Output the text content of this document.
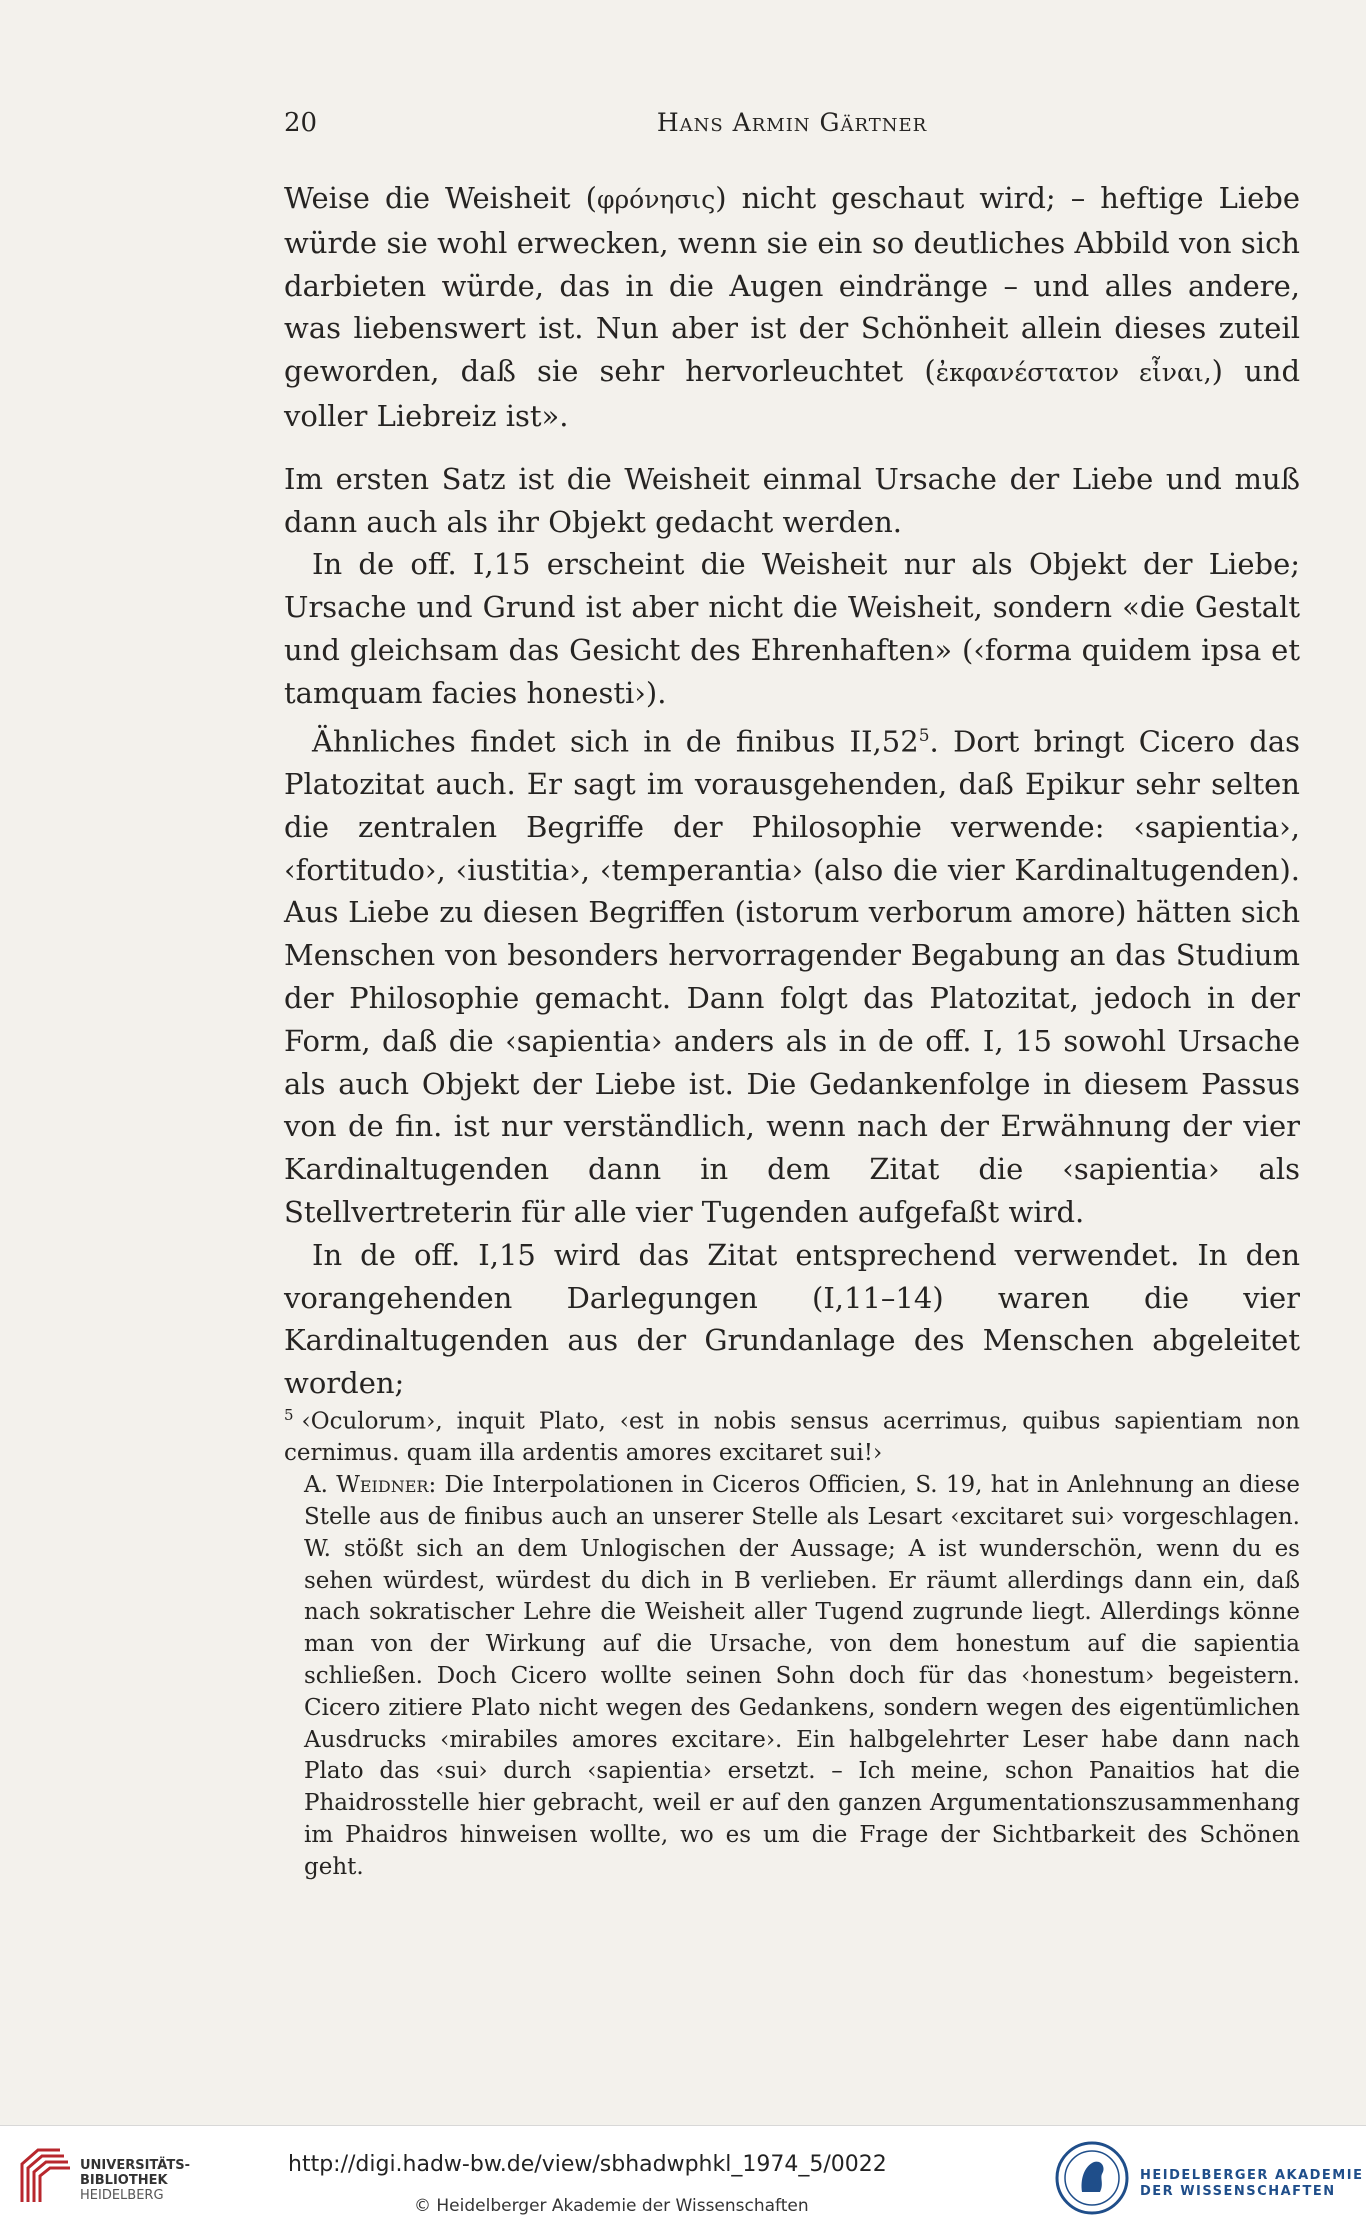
20	Hans Armin Gärtner

Weise die Weisheit (φρόνησις) nicht geschaut wird; – heftige Liebe würde sie wohl erwecken, wenn sie ein so deutliches Abbild von sich darbieten würde, das in die Augen eindränge – und alles andere, was liebenswert ist. Nun aber ist der Schönheit allein dieses zuteil geworden, daß sie sehr hervorleuchtet (ἐκφανέστατον εἶναι,) und voller Liebreiz ist».

Im ersten Satz ist die Weisheit einmal Ursache der Liebe und muß dann auch als ihr Objekt gedacht werden.

In de off. I,15 erscheint die Weisheit nur als Objekt der Liebe; Ursache und Grund ist aber nicht die Weisheit, sondern «die Gestalt und gleichsam das Gesicht des Ehrenhaften» (‹forma quidem ipsa et tamquam facies honesti›).

Ähnliches findet sich in de finibus $II,52^5$. Dort bringt Cicero das Platozitat auch. Er sagt im vorausgehenden, daß Epikur sehr selten die zentralen Begriffe der Philosophie verwende: ‹sapientia›, ‹fortitudo›, ‹iustitia›, ‹temperantia› (also die vier Kardinaltugenden). Aus Liebe zu diesen Begriffen (istorum verborum amore) hätten sich Menschen von besonders hervorragender Begabung an das Studium der Philosophie gemacht. Dann folgt das Platozitat, jedoch in der Form, daß die ‹sapientia› anders als in de off. I, 15 sowohl Ursache als auch Objekt der Liebe ist. Die Gedankenfolge in diesem Passus von de fin. ist nur verständlich, wenn nach der Erwähnung der vier Kardinaltugenden dann in dem Zitat die ‹sapientia› als Stellvertreterin für alle vier Tugenden aufgefaßt wird.

In de off. I,15 wird das Zitat entsprechend verwendet. In den vorangehenden Darlegungen (I,11–14) waren die vier Kardinaltugenden aus der Grundanlage des Menschen abgeleitet worden;

$^5$ ‹Oculorum›, inquit Plato, ‹est in nobis sensus acerrimus, quibus sapientiam non cernimus. quam illa ardentis amores excitaret sui!›

A. Weidner: Die Interpolationen in Ciceros Officien, S. 19, hat in Anlehnung an diese Stelle aus de finibus auch an unserer Stelle als Lesart ‹excitaret sui› vorgeschlagen. W. stößt sich an dem Unlogischen der Aussage; A ist wunderschön, wenn du es sehen würdest, würdest du dich in B verlieben. Er räumt allerdings dann ein, daß nach sokratischer Lehre die Weisheit aller Tugend zugrunde liegt. Allerdings könne man von der Wirkung auf die Ursache, von dem honestum auf die sapientia schließen. Doch Cicero wollte seinen Sohn doch für das ‹honestum› begeistern. Cicero zitiere Plato nicht wegen des Gedankens, sondern wegen des eigentümlichen Ausdrucks ‹mirabiles amores excitare›. Ein halbgelehrter Leser habe dann nach Plato das ‹sui› durch ‹sapientia› ersetzt. – Ich meine, schon Panaitios hat die Phaidrosstelle hier gebracht, weil er auf den ganzen Argumentationszusammenhang im Phaidros hinweisen wollte, wo es um die Frage der Sichtbarkeit des Schönen geht.

UNIVERSITÄTS-
BIBLIOTHEK
HEIDELBERG
http://digi.hadw-bw.de/view/sbhadwphkl_1974_5/0022
© Heidelberger Akademie der Wissenschaften
HEIDELBERGER AKADEMIE
DER WISSENSCHAFTEN
